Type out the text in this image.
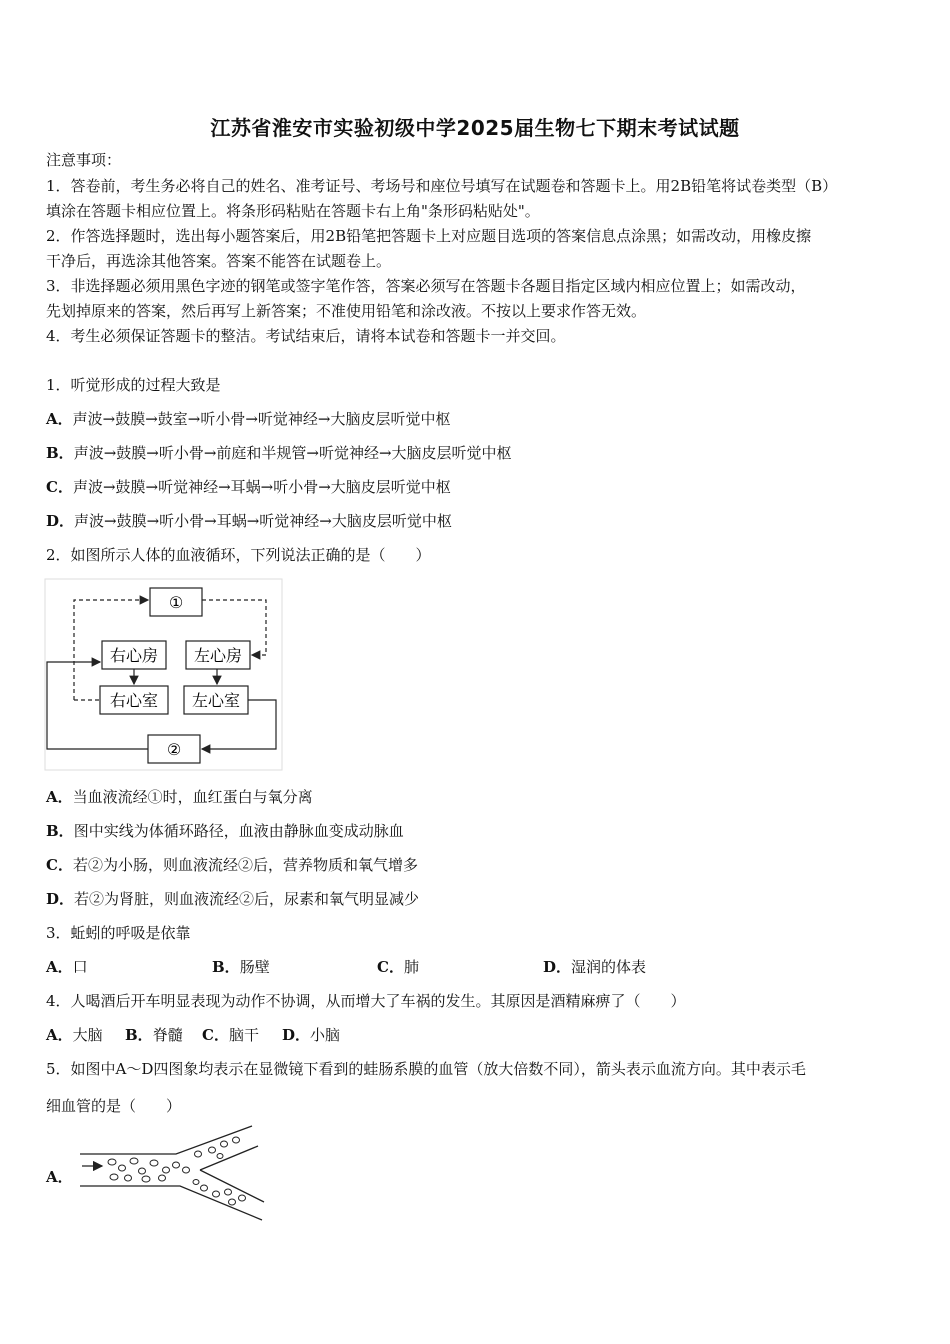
江苏省淮安市实验初级中学2025届生物七下期末考试试题
注意事项：
1．答卷前，考生务必将自己的姓名、准考证号、考场号和座位号填写在试题卷和答题卡上。用2B铅笔将试卷类型（B）
填涂在答题卡相应位置上。将条形码粘贴在答题卡右上角"条形码粘贴处"。
2．作答选择题时，选出每小题答案后，用2B铅笔把答题卡上对应题目选项的答案信息点涂黑；如需改动，用橡皮擦
干净后，再选涂其他答案。答案不能答在试题卷上。
3．非选择题必须用黑色字迹的钢笔或签字笔作答，答案必须写在答题卡各题目指定区域内相应位置上；如需改动，
先划掉原来的答案，然后再写上新答案；不准使用铅笔和涂改液。不按以上要求作答无效。
4．考生必须保证答题卡的整洁。考试结束后，请将本试卷和答题卡一并交回。
1．听觉形成的过程大致是
A．声波→鼓膜→鼓室→听小骨→听觉神经→大脑皮层听觉中枢
B．声波→鼓膜→听小骨→前庭和半规管→听觉神经→大脑皮层听觉中枢
C．声波→鼓膜→听觉神经→耳蜗→听小骨→大脑皮层听觉中枢
D．声波→鼓膜→听小骨→耳蜗→听觉神经→大脑皮层听觉中枢
2．如图所示人体的血液循环，下列说法正确的是（　　）
①
右心房 左心房
右心室 左心室
②
A．当血液流经①时，血红蛋白与氧分离
B．图中实线为体循环路径，血液由静脉血变成动脉血
C．若②为小肠，则血液流经②后，营养物质和氧气增多
D．若②为肾脏，则血液流经②后，尿素和氧气明显减少
3．蚯蚓的呼吸是依靠
A．口	B．肠壁	C．肺	D．湿润的体表
4．人喝酒后开车明显表现为动作不协调，从而增大了车祸的发生。其原因是酒精麻痹了（　　）
A．大脑 B．脊髓 C．脑干 D．小脑
5．如图中A～D四图象均表示在显微镜下看到的蛙肠系膜的血管（放大倍数不同），箭头表示血流方向。其中表示毛
细血管的是（　　）
A．
